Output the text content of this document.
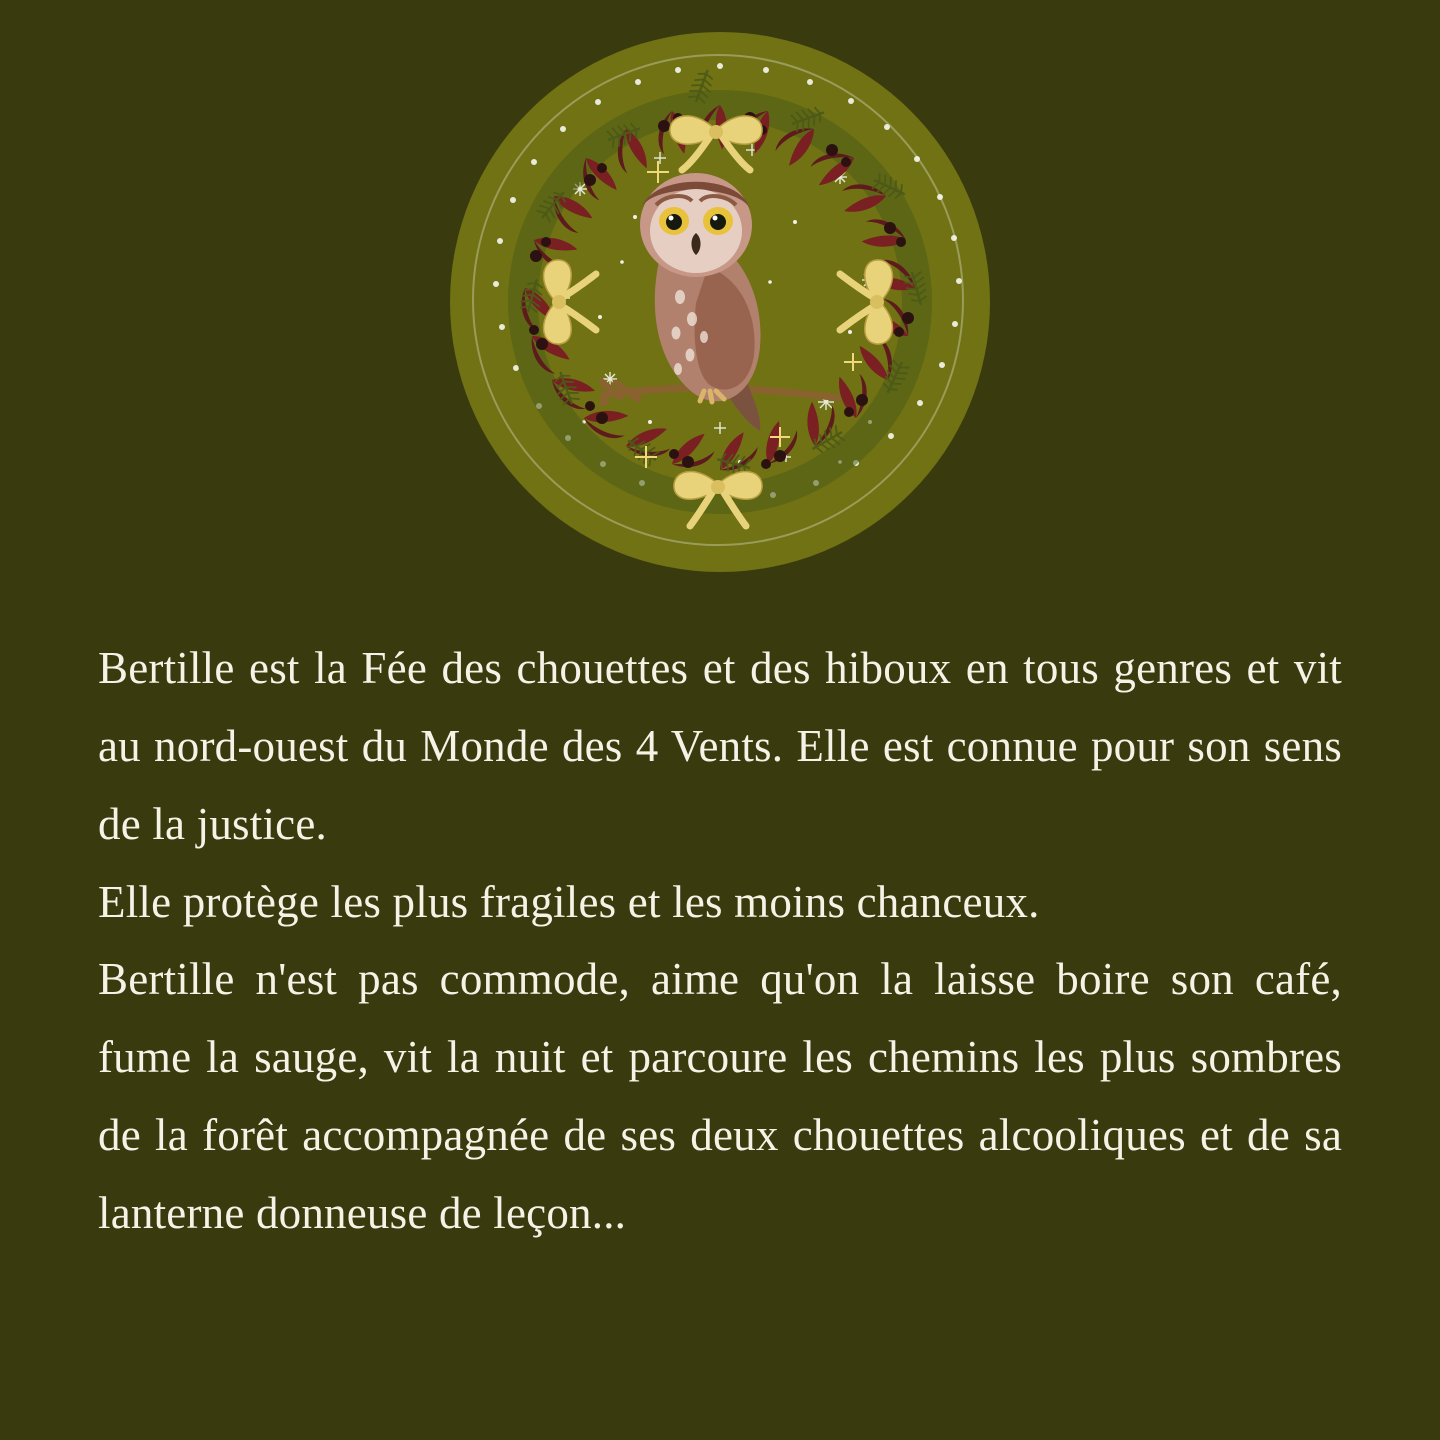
Bertille est la Fée des chouettes et des hiboux en tous genres et vit au nord-ouest du Monde des 4 Vents. Elle est connue pour son sens de la justice.

Elle protège les plus fragiles et les moins chanceux.

Bertille n'est pas commode, aime qu'on la laisse boire son café, fume la sauge, vit la nuit et parcoure les chemins les plus sombres de la forêt accompagnée de ses deux chouettes alcooliques et de sa lanterne donneuse de leçon...
